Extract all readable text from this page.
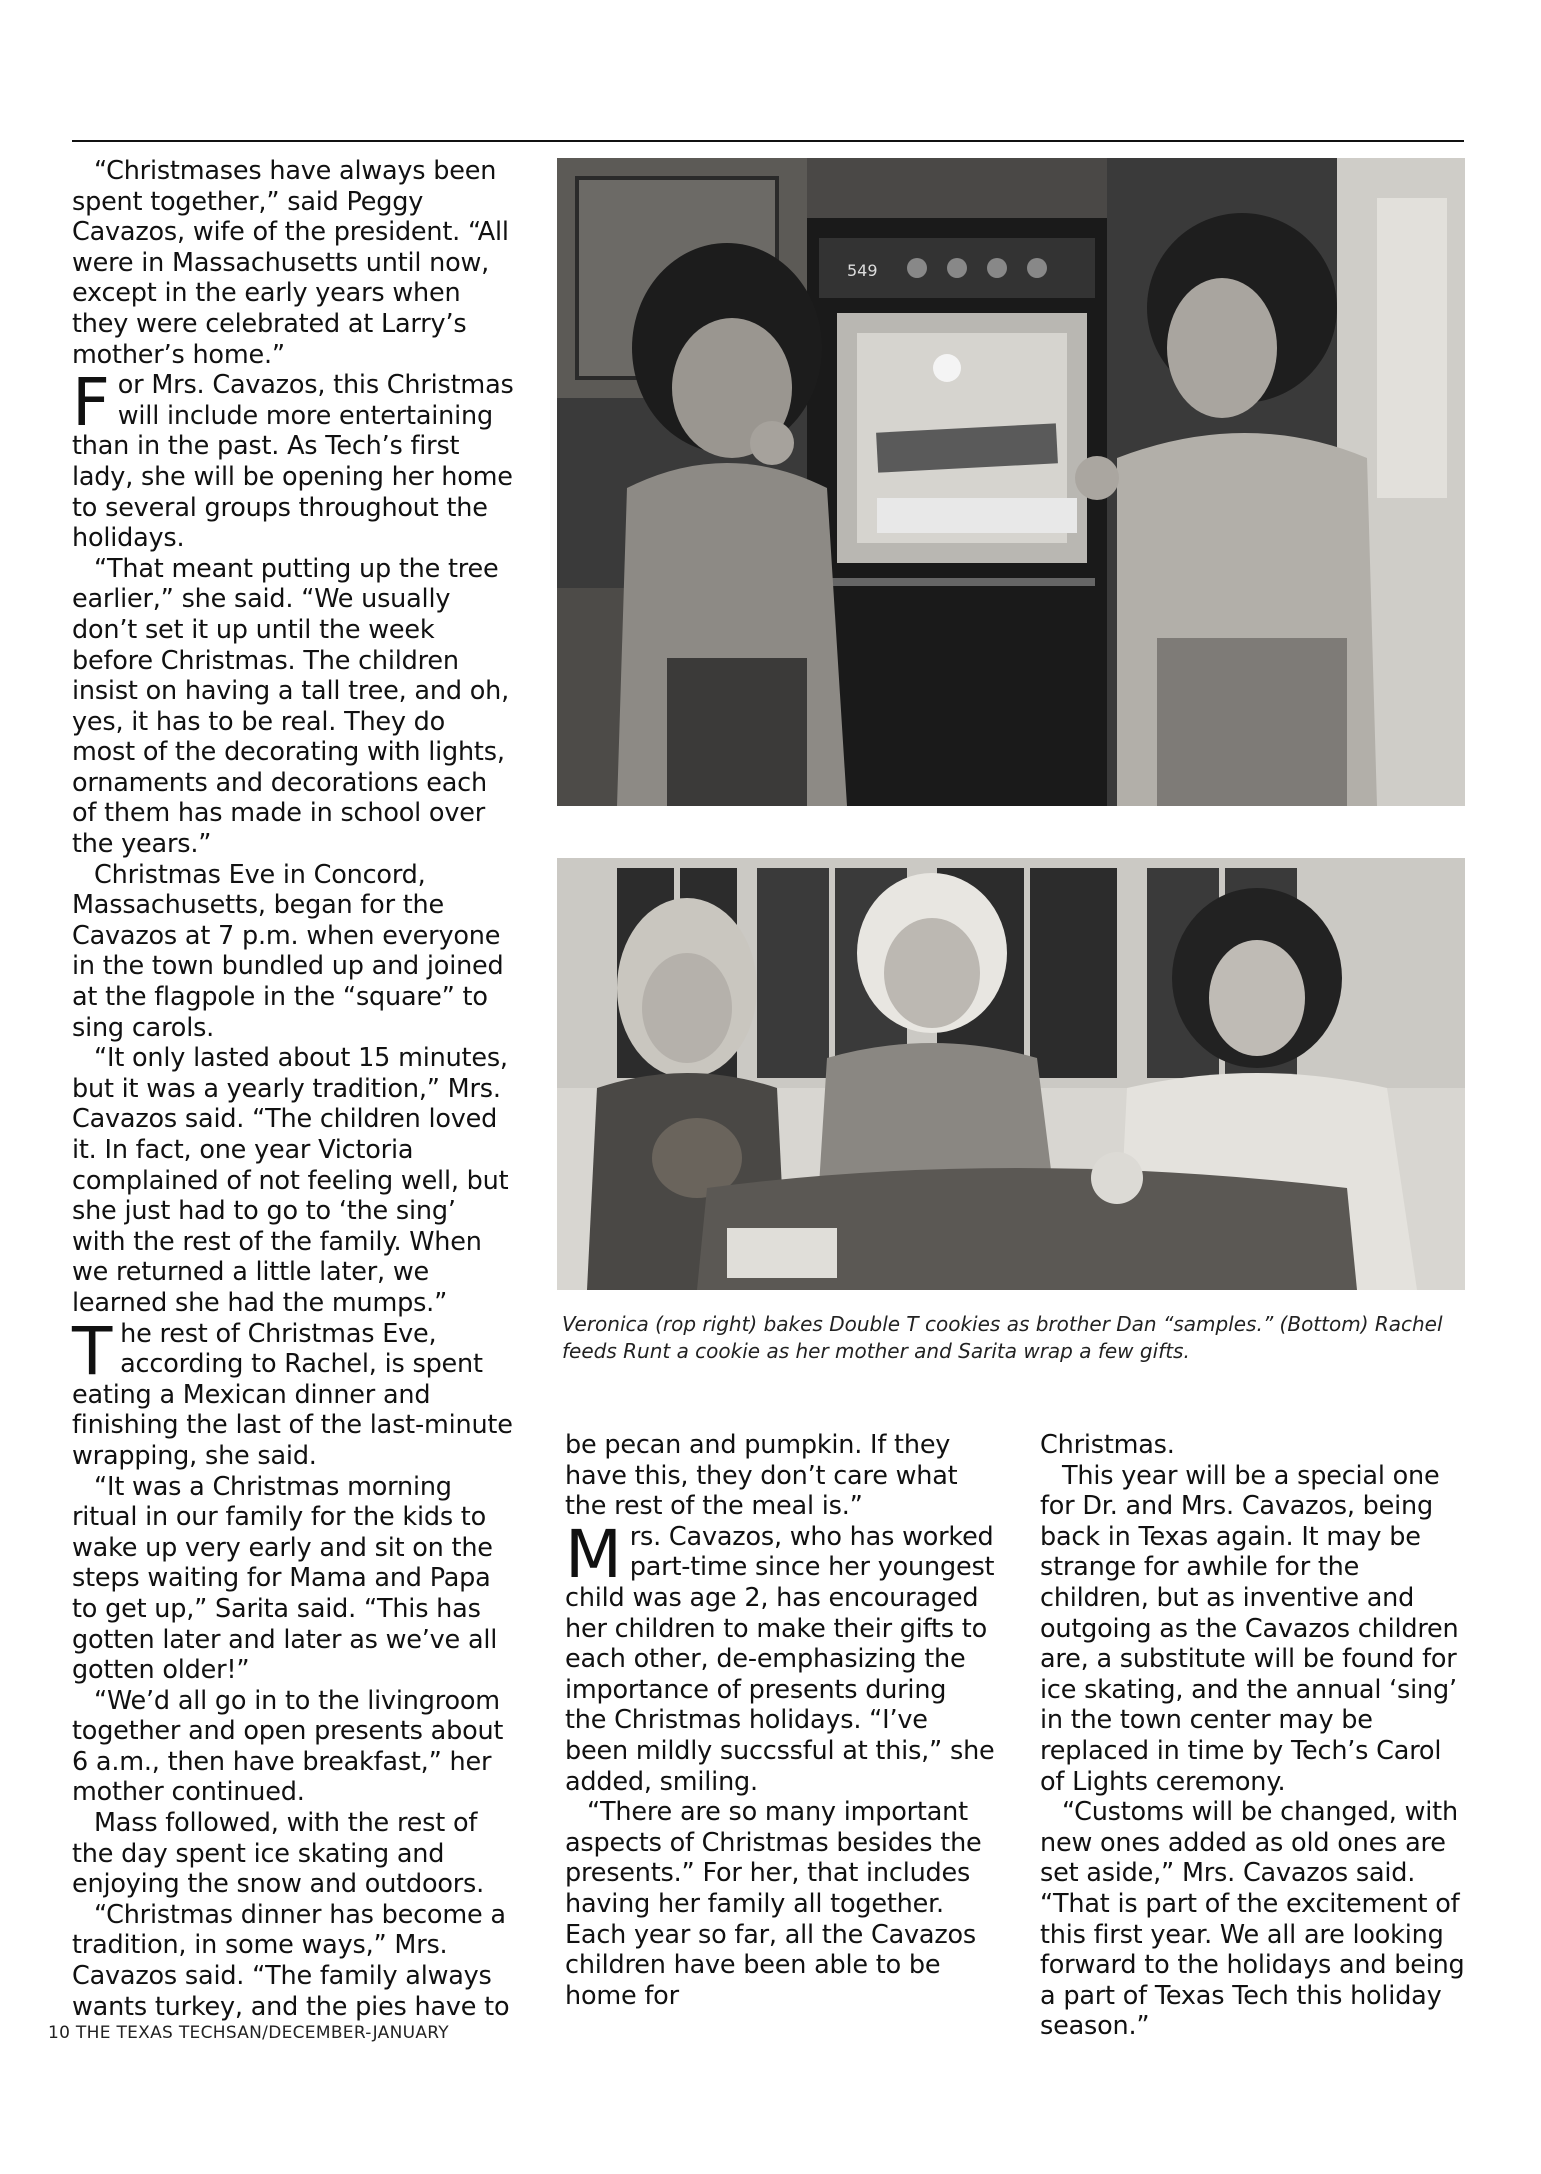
“Christmases have always been spent together,” said Peggy Cavazos, wife of the president. “All were in Massachusetts until now, except in the early years when they were celebrated at Larry’s mother’s home.”

For Mrs. Cavazos, this Christmas will include more entertaining than in the past. As Tech’s first lady, she will be opening her home to several groups throughout the holidays.

“That meant putting up the tree earlier,” she said. “We usually don’t set it up until the week before Christmas. The children insist on having a tall tree, and oh, yes, it has to be real. They do most of the decorating with lights, ornaments and decorations each of them has made in school over the years.”

Christmas Eve in Concord, Massachusetts, began for the Cavazos at 7 p.m. when everyone in the town bundled up and joined at the flagpole in the “square” to sing carols.

“It only lasted about 15 minutes, but it was a yearly tradition,” Mrs. Cavazos said. “The children loved it. In fact, one year Victoria complained of not feeling well, but she just had to go to ‘the sing’ with the rest of the family. When we returned a little later, we learned she had the mumps.”

The rest of Christmas Eve, according to Rachel, is spent eating a Mexican dinner and finishing the last of the last-minute wrapping, she said.

“It was a Christmas morning ritual in our family for the kids to wake up very early and sit on the steps waiting for Mama and Papa to get up,” Sarita said. “This has gotten later and later as we’ve all gotten older!”

“We’d all go in to the livingroom together and open presents about 6 a.m., then have breakfast,” her mother continued.

Mass followed, with the rest of the day spent ice skating and enjoying the snow and outdoors.

“Christmas dinner has become a tradition, in some ways,” Mrs. Cavazos said. “The family always wants turkey, and the pies have to

549
Veronica (rop right) bakes Double T cookies as brother Dan “samples.” (Bottom) Rachel feeds Runt a cookie as her mother and Sarita wrap a few gifts.

be pecan and pumpkin. If they have this, they don’t care what the rest of the meal is.”

Mrs. Cavazos, who has worked part-time since her youngest child was age 2, has encouraged her children to make their gifts to each other, de-emphasizing the importance of presents during the Christmas holidays. “I’ve been mildly succssful at this,” she added, smiling.

“There are so many important aspects of Christmas besides the presents.” For her, that includes having her family all together. Each year so far, all the Cavazos children have been able to be home for

Christmas.

This year will be a special one for Dr. and Mrs. Cavazos, being back in Texas again. It may be strange for awhile for the children, but as inventive and outgoing as the Cavazos children are, a substitute will be found for ice skating, and the annual ‘sing’ in the town center may be replaced in time by Tech’s Carol of Lights ceremony.

“Customs will be changed, with new ones added as old ones are set aside,” Mrs. Cavazos said. “That is part of the excitement of this first year. We all are looking forward to the holidays and being a part of Texas Tech this holiday season.”

10 THE TEXAS TECHSAN/DECEMBER-JANUARY
